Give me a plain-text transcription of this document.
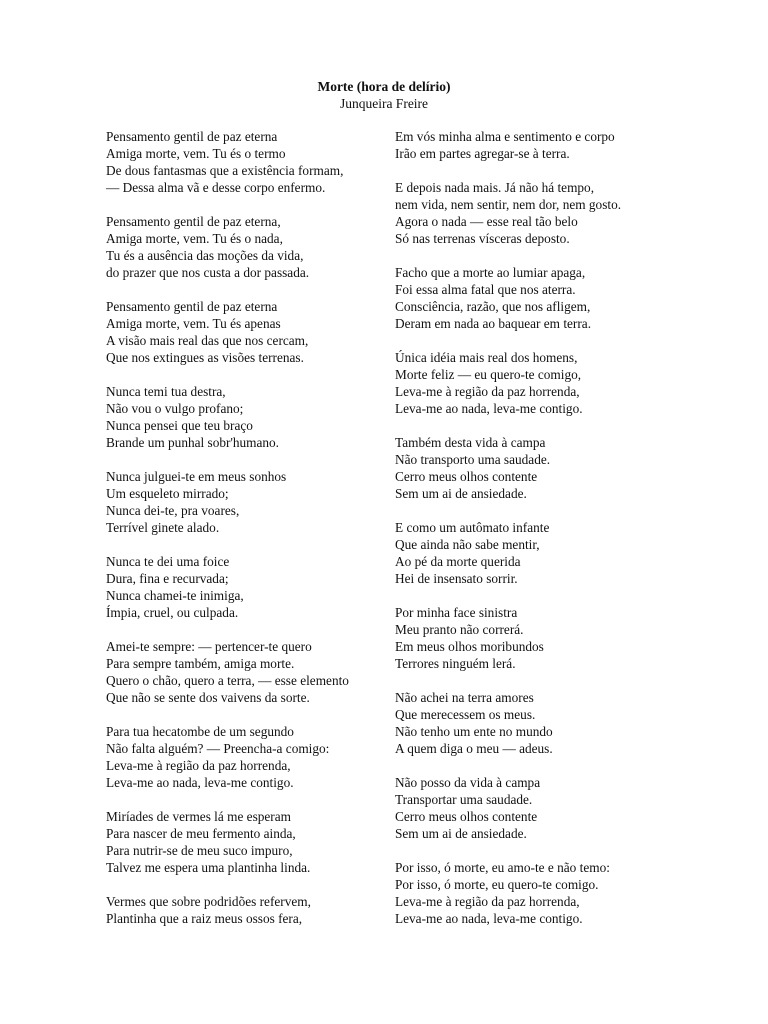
Morte (hora de delírio)
Junqueira Freire
Pensamento gentil de paz eterna
Amiga morte, vem. Tu és o termo
De dous fantasmas que a existência formam,
— Dessa alma vã e desse corpo enfermo.
Pensamento gentil de paz eterna,
Amiga morte, vem. Tu és o nada,
Tu és a ausência das moções da vida,
do prazer que nos custa a dor passada.
Pensamento gentil de paz eterna
Amiga morte, vem. Tu és apenas
A visão mais real das que nos cercam,
Que nos extingues as visões terrenas.
Nunca temi tua destra,
Não vou o vulgo profano;
Nunca pensei que teu braço
Brande um punhal sobr'humano.
Nunca julguei-te em meus sonhos
Um esqueleto mirrado;
Nunca dei-te, pra voares,
Terrível ginete alado.
Nunca te dei uma foice
Dura, fina e recurvada;
Nunca chamei-te inimiga,
Ímpia, cruel, ou culpada.
Amei-te sempre: — pertencer-te quero
Para sempre também, amiga morte.
Quero o chão, quero a terra, — esse elemento
Que não se sente dos vaivens da sorte.
Para tua hecatombe de um segundo
Não falta alguém? — Preencha-a comigo:
Leva-me à região da paz horrenda,
Leva-me ao nada, leva-me contigo.
Miríades de vermes lá me esperam
Para nascer de meu fermento ainda,
Para nutrir-se de meu suco impuro,
Talvez me espera uma plantinha linda.
Vermes que sobre podridões refervem,
Plantinha que a raiz meus ossos fera,
Em vós minha alma e sentimento e corpo
Irão em partes agregar-se à terra.
E depois nada mais. Já não há tempo,
nem vida, nem sentir, nem dor, nem gosto.
Agora o nada — esse real tão belo
Só nas terrenas vísceras deposto.
Facho que a morte ao lumiar apaga,
Foi essa alma fatal que nos aterra.
Consciência, razão, que nos afligem,
Deram em nada ao baquear em terra.
Única idéia mais real dos homens,
Morte feliz — eu quero-te comigo,
Leva-me à região da paz horrenda,
Leva-me ao nada, leva-me contigo.
Também desta vida à campa
Não transporto uma saudade.
Cerro meus olhos contente
Sem um ai de ansiedade.
E como um autômato infante
Que ainda não sabe mentir,
Ao pé da morte querida
Hei de insensato sorrir.
Por minha face sinistra
Meu pranto não correrá.
Em meus olhos moribundos
Terrores ninguém lerá.
Não achei na terra amores
Que merecessem os meus.
Não tenho um ente no mundo
A quem diga o meu — adeus.
Não posso da vida à campa
Transportar uma saudade.
Cerro meus olhos contente
Sem um ai de ansiedade.
Por isso, ó morte, eu amo-te e não temo:
Por isso, ó morte, eu quero-te comigo.
Leva-me à região da paz horrenda,
Leva-me ao nada, leva-me contigo.
